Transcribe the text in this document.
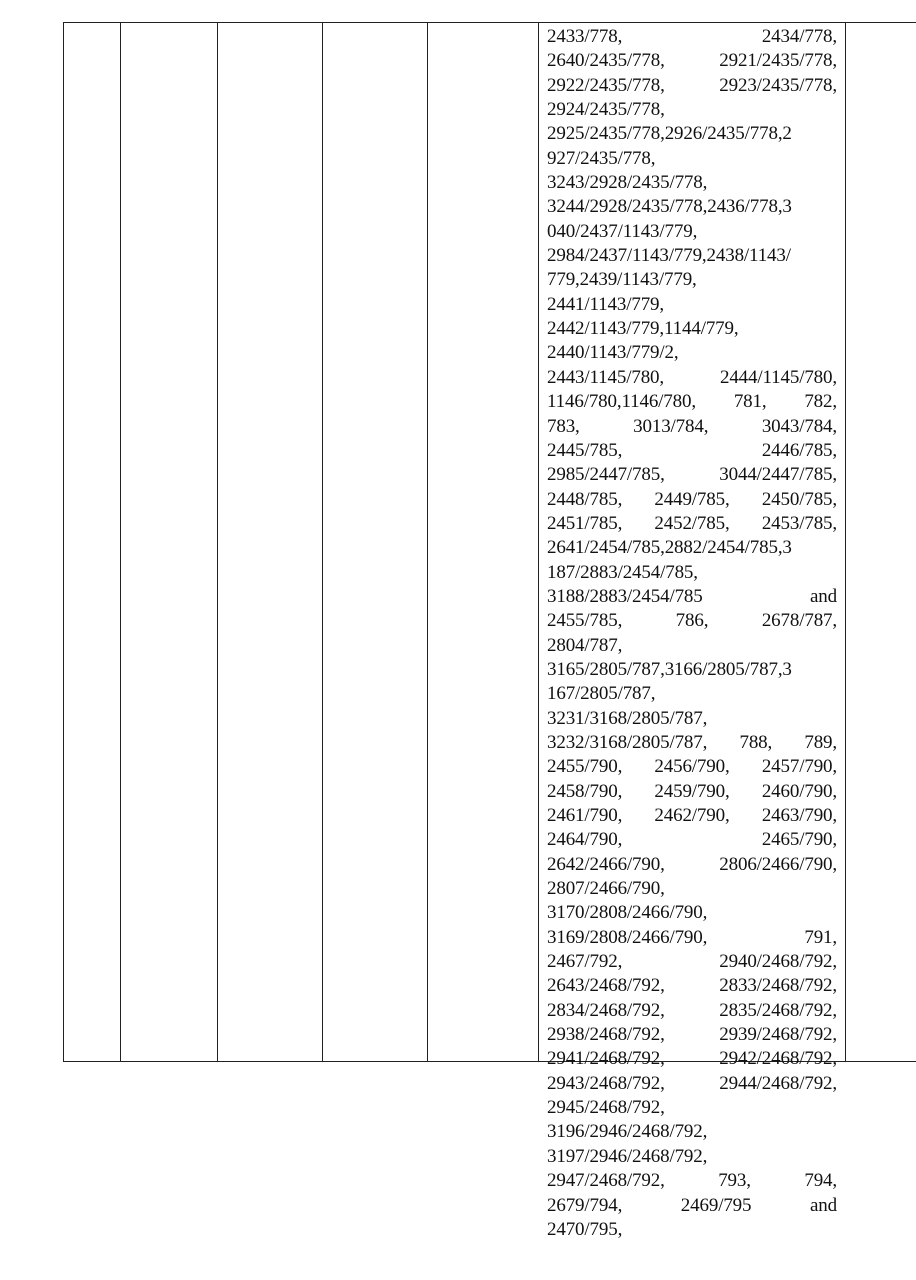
2433/778,	2434/778,
2640/2435/778,	2921/2435/778,
2922/2435/778,	2923/2435/778,
2924/2435/778,
2925/2435/778,2926/2435/778,2
927/2435/778,
3243/2928/2435/778,
3244/2928/2435/778,2436/778,3
040/2437/1143/779,
2984/2437/1143/779,2438/1143/
779,2439/1143/779,
2441/1143/779,
2442/1143/779,1144/779,
2440/1143/779/2,
2443/1145/780,	2444/1145/780,
1146/780,1146/780, 781, 782,
783,	3013/784,	3043/784,
2445/785,	2446/785,
2985/2447/785,	3044/2447/785,
2448/785, 2449/785, 2450/785,
2451/785, 2452/785, 2453/785,
2641/2454/785,2882/2454/785,3
187/2883/2454/785,
3188/2883/2454/785	and
2455/785,	786,	2678/787,
2804/787,
3165/2805/787,3166/2805/787,3
167/2805/787,
3231/3168/2805/787,
3232/3168/2805/787, 788, 789,
2455/790, 2456/790, 2457/790,
2458/790, 2459/790, 2460/790,
2461/790, 2462/790, 2463/790,
2464/790,	2465/790,
2642/2466/790,	2806/2466/790,
2807/2466/790,
3170/2808/2466/790,
3169/2808/2466/790,	791,
2467/792,	2940/2468/792,
2643/2468/792,	2833/2468/792,
2834/2468/792,	2835/2468/792,
2938/2468/792,	2939/2468/792,
2941/2468/792,	2942/2468/792,
2943/2468/792,	2944/2468/792,
2945/2468/792,
3196/2946/2468/792,
3197/2946/2468/792,
2947/2468/792,	793,	794,
2679/794,	2469/795	and
2470/795,
